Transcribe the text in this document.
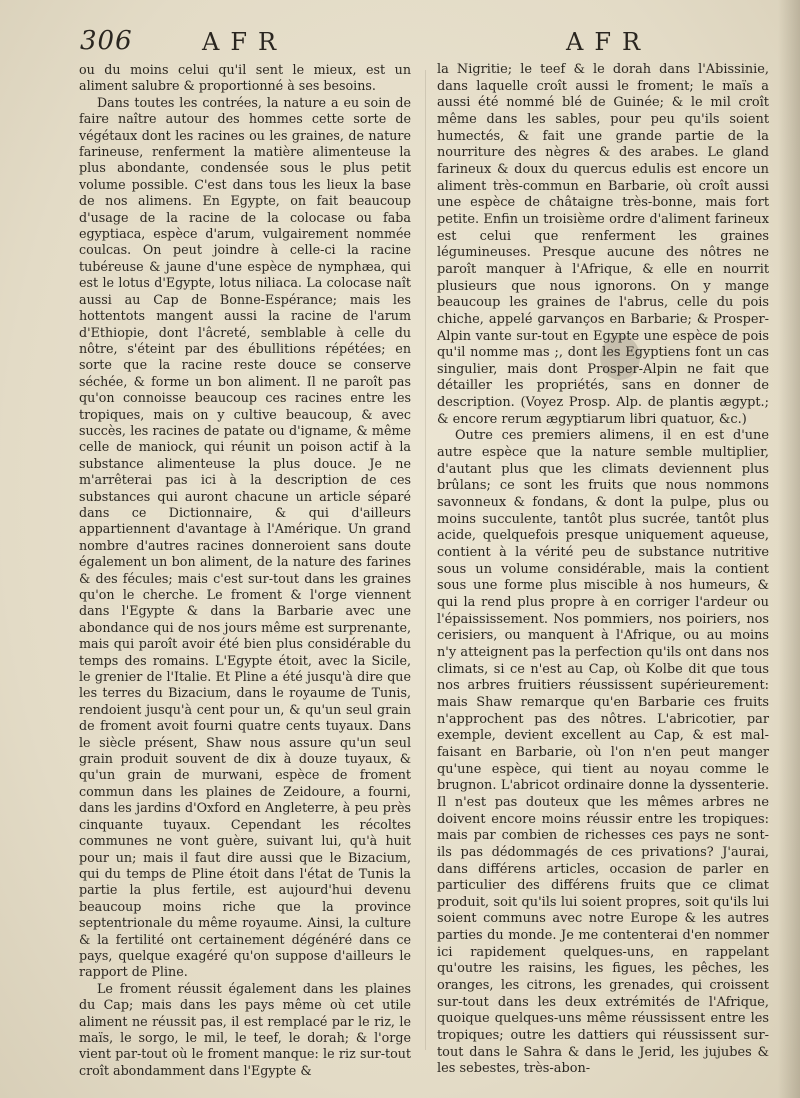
306	AFR	AFR

ou du moins celui qu'il sent le mieux, est un aliment salubre & proportionné à ses besoins.

Dans toutes les contrées, la nature a eu soin de faire naître autour des hommes cette sorte de végétaux dont les racines ou les graines, de nature farineuse, renferment la matière alimenteuse la plus abondante, condensée sous le plus petit volume possible. C'est dans tous les lieux la base de nos alimens. En Egypte, on fait beaucoup d'usage de la racine de la colocase ou faba egyptiaca, espèce d'arum, vulgairement nommée coulcas. On peut joindre à celle-ci la racine tubéreuse & jaune d'une espèce de nymphæa, qui est le lotus d'Egypte, lotus niliaca. La colocase naît aussi au Cap de Bonne-Espérance; mais les hottentots mangent aussi la racine de l'arum d'Ethiopie, dont l'âcreté, semblable à celle du nôtre, s'éteint par des ébullitions répétées; en sorte que la racine reste douce se conserve séchée, & forme un bon aliment. Il ne paroît pas qu'on connoisse beaucoup ces racines entre les tropiques, mais on y cultive beaucoup, & avec succès, les racines de patate ou d'igname, & même celle de maniock, qui réunit un poison actif à la substance alimenteuse la plus douce. Je ne m'arrêterai pas ici à la description de ces substances qui auront chacune un article séparé dans ce Dictionnaire, & qui d'ailleurs appartiennent d'avantage à l'Amérique. Un grand nombre d'autres racines donneroient sans doute également un bon aliment, de la nature des farines & des fécules; mais c'est sur-tout dans les graines qu'on le cherche. Le froment & l'orge viennent dans l'Egypte & dans la Barbarie avec une abondance qui de nos jours même est surprenante, mais qui paroît avoir été bien plus considérable du temps des romains. L'Egypte étoit, avec la Sicile, le grenier de l'Italie. Et Pline a été jusqu'à dire que les terres du Bizacium, dans le royaume de Tunis, rendoient jusqu'à cent pour un, & qu'un seul grain de froment avoit fourni quatre cents tuyaux. Dans le siècle présent, Shaw nous assure qu'un seul grain produit souvent de dix à douze tuyaux, & qu'un grain de murwani, espèce de froment commun dans les plaines de Zeidoure, a fourni, dans les jardins d'Oxford en Angleterre, à peu près cinquante tuyaux. Cependant les récoltes communes ne vont guère, suivant lui, qu'à huit pour un; mais il faut dire aussi que le Bizacium, qui du temps de Pline étoit dans l'état de Tunis la partie la plus fertile, est aujourd'hui devenu beaucoup moins riche que la province septentrionale du même royaume. Ainsi, la culture & la fertilité ont certainement dégénéré dans ce pays, quelque exagéré qu'on suppose d'ailleurs le rapport de Pline.

Le froment réussit également dans les plaines du Cap; mais dans les pays même où cet utile aliment ne réussit pas, il est remplacé par le riz, le maïs, le sorgo, le mil, le teef, le dorah; & l'orge vient par-tout où le froment manque: le riz sur-tout croît abondamment dans l'Egypte &

la Nigritie; le teef & le dorah dans l'Abissinie, dans laquelle croît aussi le froment; le maïs a aussi été nommé blé de Guinée; & le mil croît même dans les sables, pour peu qu'ils soient humectés, & fait une grande partie de la nourriture des nègres & des arabes. Le gland farineux & doux du quercus edulis est encore un aliment très-commun en Barbarie, où croît aussi une espèce de châtaigne très-bonne, mais fort petite. Enfin un troisième ordre d'aliment farineux est celui que renferment les graines légumineuses. Presque aucune des nôtres ne paroît manquer à l'Afrique, & elle en nourrit plusieurs que nous ignorons. On y mange beaucoup les graines de l'abrus, celle du pois chiche, appelé garvanços en Barbarie; & Prosper-Alpin vante sur-tout en Egypte une espèce de pois qu'il nomme mas ;, dont les Egyptiens font un cas singulier, mais dont Prosper-Alpin ne fait que détailler les propriétés, sans en donner de description. (Voyez Prosp. Alp. de plantis ægypt.; & encore rerum ægyptiarum libri quatuor, &c.)

Outre ces premiers alimens, il en est d'une autre espèce que la nature semble multiplier, d'autant plus que les climats deviennent plus brûlans; ce sont les fruits que nous nommons savonneux & fondans, & dont la pulpe, plus ou moins succulente, tantôt plus sucrée, tantôt plus acide, quelquefois presque uniquement aqueuse, contient à la vérité peu de substance nutritive sous un volume considérable, mais la contient sous une forme plus miscible à nos humeurs, & qui la rend plus propre à en corriger l'ardeur ou l'épaississement. Nos pommiers, nos poiriers, nos cerisiers, ou manquent à l'Afrique, ou au moins n'y atteignent pas la perfection qu'ils ont dans nos climats, si ce n'est au Cap, où Kolbe dit que tous nos arbres fruitiers réussissent supérieurement: mais Shaw remarque qu'en Barbarie ces fruits n'approchent pas des nôtres. L'abricotier, par exemple, devient excellent au Cap, & est mal-faisant en Barbarie, où l'on n'en peut manger qu'une espèce, qui tient au noyau comme le brugnon. L'abricot ordinaire donne la dyssenterie. Il n'est pas douteux que les mêmes arbres ne doivent encore moins réussir entre les tropiques: mais par combien de richesses ces pays ne sont-ils pas dédommagés de ces privations? J'aurai, dans différens articles, occasion de parler en particulier des différens fruits que ce climat produit, soit qu'ils lui soient propres, soit qu'ils lui soient communs avec notre Europe & les autres parties du monde. Je me contenterai d'en nommer ici rapidement quelques-uns, en rappelant qu'outre les raisins, les figues, les pêches, les oranges, les citrons, les grenades, qui croissent sur-tout dans les deux extrémités de l'Afrique, quoique quelques-uns même réussissent entre les tropiques; outre les dattiers qui réussissent sur-tout dans le Sahra & dans le Jerid, les jujubes & les sebestes, très-abon-
